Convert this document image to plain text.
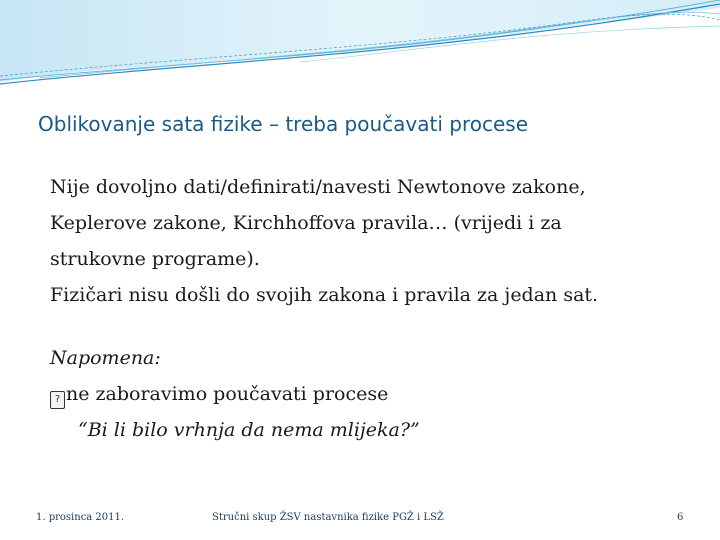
Oblikovanje sata fizike – treba poučavati procese
Nije dovoljno dati/definirati/navesti Newtonove zakone,
Keplerove zakone, Kirchhoffova pravila… (vrijedi i za
strukovne programe).
Fizičari nisu došli do svojih zakona i pravila za jedan sat.
Napomena:
? ne zaboravimo poučavati procese
“Bi li bilo vrhnja da nema mlijeka?”
1. prosinca 2011.	Stručni skup ŽSV nastavnika fizike PGŽ i LSŽ	6
